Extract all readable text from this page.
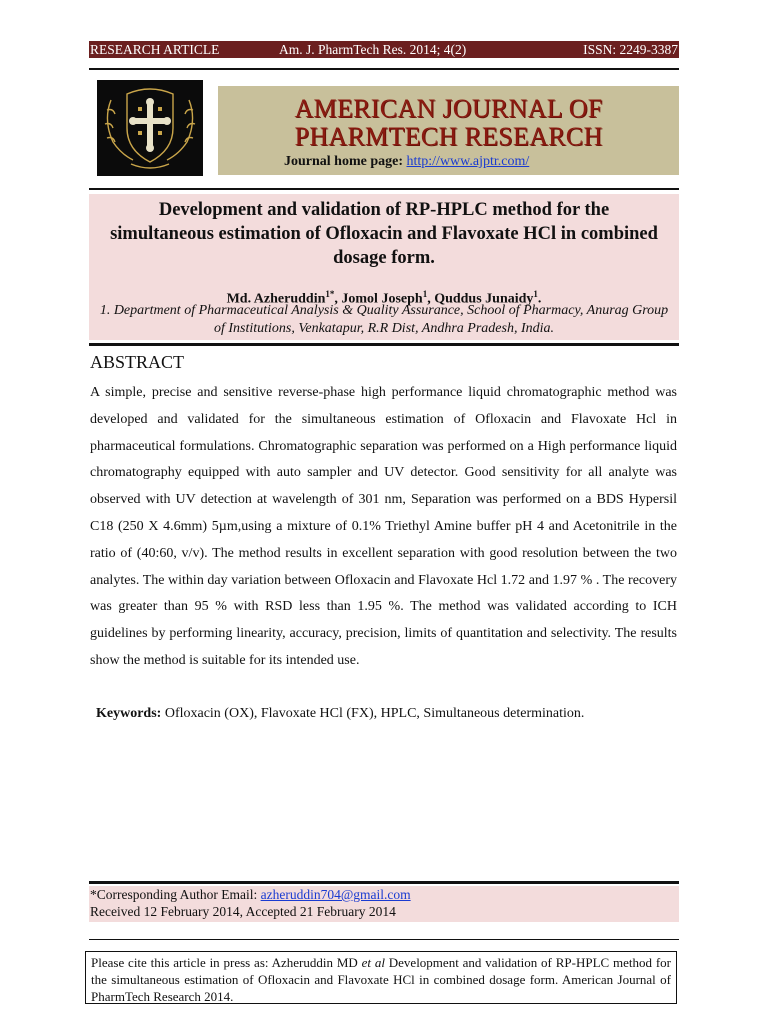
RESEARCH ARTICLE	Am. J. PharmTech Res. 2014; 4(2)	ISSN: 2249-3387
AMERICAN JOURNAL OF
PHARMTECH RESEARCH
Journal home page: http://www.ajptr.com/
Development and validation of RP-HPLC method for the simultaneous estimation of Ofloxacin and Flavoxate HCl in combined dosage form.
Md. Azheruddin$^{1*}$, Jomol Joseph$^1$, Quddus Junaidy$^1$.
1. Department of Pharmaceutical Analysis & Quality Assurance, School of Pharmacy, Anurag Group of Institutions, Venkatapur, R.R Dist, Andhra Pradesh, India.
ABSTRACT
A simple, precise and sensitive reverse-phase high performance liquid chromatographic method was developed and validated for the simultaneous estimation of Ofloxacin and Flavoxate Hcl in pharmaceutical formulations. Chromatographic separation was performed on a High performance liquid chromatography equipped with auto sampler and UV detector. Good sensitivity for all analyte was observed with UV detection at wavelength of 301 nm, Separation was performed on a BDS Hypersil C18 (250 X 4.6mm) 5µm,using a mixture of 0.1% Triethyl Amine buffer pH 4 and Acetonitrile in the ratio of (40:60, v/v). The method results in excellent separation with good resolution between the two analytes. The within day variation between Ofloxacin and Flavoxate Hcl 1.72 and 1.97 % . The recovery was greater than 95 % with RSD less than 1.95 %. The method was validated according to ICH guidelines by performing linearity, accuracy, precision, limits of quantitation and selectivity. The results show the method is suitable for its intended use.
Keywords: Ofloxacin (OX), Flavoxate HCl (FX), HPLC, Simultaneous determination.
*Corresponding Author Email: azheruddin704@gmail.com
Received 12 February 2014, Accepted 21 February 2014
Please cite this article in press as: Azheruddin MD et al Development and validation of RP-HPLC method for the simultaneous estimation of Ofloxacin and Flavoxate HCl in combined dosage form. American Journal of PharmTech Research 2014.
